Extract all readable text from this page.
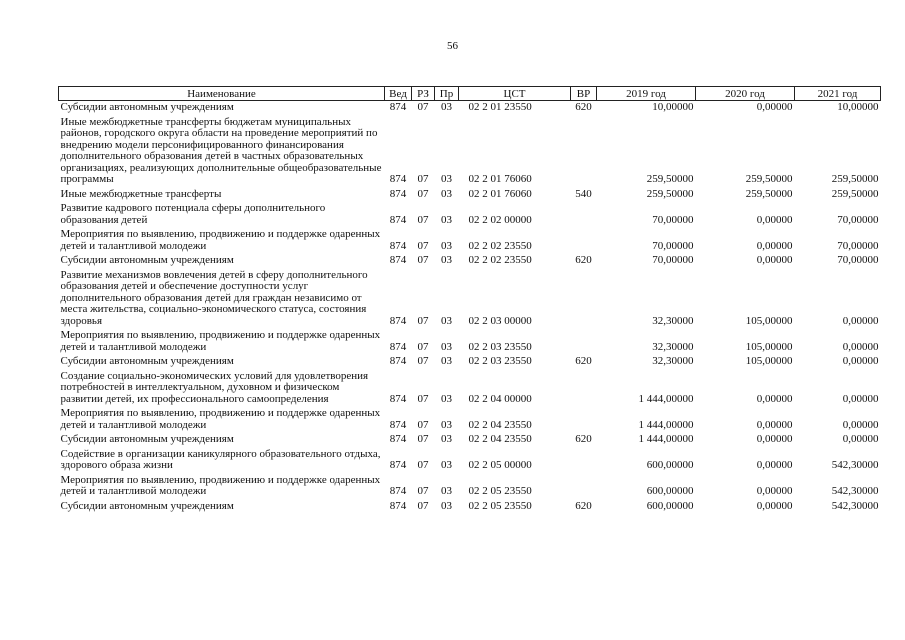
56
Наименование	Вед	РЗ	Пр	ЦСТ	ВР	2019 год	2020 год	2021 год
Субсидии автономным учреждениям	874	07	03	02 2 01 23550	620	10,00000	0,00000	10,00000
Иные межбюджетные трансферты бюджетам муниципальных районов, городского округа области на проведение мероприятий по внедрению модели персонифицированного финансирования дополнительного образования детей в частных образовательных организациях, реализующих дополнительные общеобразовательные программы	874	07	03	02 2 01 76060		259,50000	259,50000	259,50000
Иные межбюджетные трансферты	874	07	03	02 2 01 76060	540	259,50000	259,50000	259,50000
Развитие кадрового потенциала сферы дополнительного образования детей	874	07	03	02 2 02 00000		70,00000	0,00000	70,00000
Мероприятия по выявлению, продвижению и поддержке одаренных детей и талантливой молодежи	874	07	03	02 2 02 23550		70,00000	0,00000	70,00000
Субсидии автономным учреждениям	874	07	03	02 2 02 23550	620	70,00000	0,00000	70,00000
Развитие механизмов вовлечения детей в сферу дополнительного образования детей и обеспечение доступности услуг дополнительного образования детей для граждан независимо от места жительства, социально-экономического статуса, состояния здоровья	874	07	03	02 2 03 00000		32,30000	105,00000	0,00000
Мероприятия по выявлению, продвижению и поддержке одаренных детей и талантливой молодежи	874	07	03	02 2 03 23550		32,30000	105,00000	0,00000
Субсидии автономным учреждениям	874	07	03	02 2 03 23550	620	32,30000	105,00000	0,00000
Создание социально-экономических условий для удовлетворения потребностей в интеллектуальном, духовном и физическом развитии детей, их профессионального самоопределения	874	07	03	02 2 04 00000		1 444,00000	0,00000	0,00000
Мероприятия по выявлению, продвижению и поддержке одаренных детей и талантливой молодежи	874	07	03	02 2 04 23550		1 444,00000	0,00000	0,00000
Субсидии автономным учреждениям	874	07	03	02 2 04 23550	620	1 444,00000	0,00000	0,00000
Содействие в организации каникулярного образовательного отдыха, здорового образа жизни	874	07	03	02 2 05 00000		600,00000	0,00000	542,30000
Мероприятия по выявлению, продвижению и поддержке одаренных детей и талантливой молодежи	874	07	03	02 2 05 23550		600,00000	0,00000	542,30000
Субсидии автономным учреждениям	874	07	03	02 2 05 23550	620	600,00000	0,00000	542,30000
